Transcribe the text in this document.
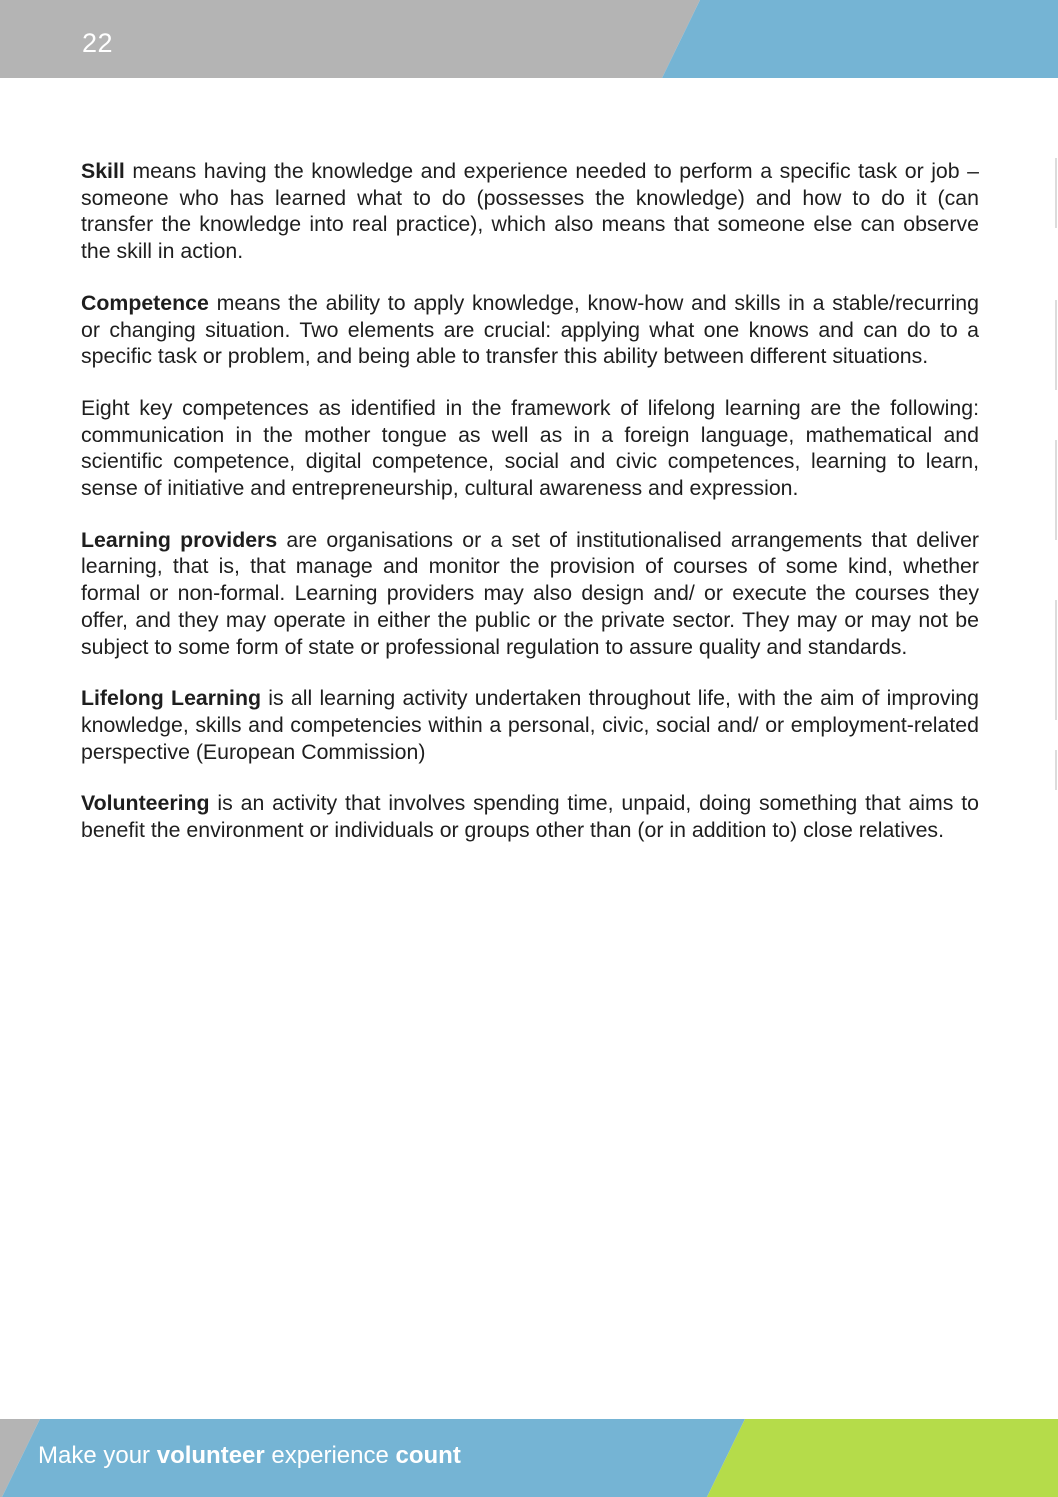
22

Skill means having the knowledge and experience needed to perform a specific task or job – someone who has learned what to do (possesses the knowledge) and how to do it (can transfer the knowledge into real practice), which also means that someone else can observe the skill in action.

Competence means the ability to apply knowledge, know-how and skills in a stable/recurring or changing situation. Two elements are crucial: applying what one knows and can do to a specific task or problem, and being able to transfer this ability between different situations.

Eight key competences as identified in the framework of lifelong learning are the following: communication in the mother tongue as well as in a foreign language, mathematical and scientific competence, digital competence, social and civic competences, learning to learn, sense of initiative and entrepreneurship, cultural awareness and expression.

Learning providers are organisations or a set of institutionalised arrangements that deliver learning, that is, that manage and monitor the provision of courses of some kind, whether formal or non-formal. Learning providers may also design and/ or execute the courses they offer, and they may operate in either the public or the private sector. They may or may not be subject to some form of state or professional regulation to assure quality and standards.

Lifelong Learning is all learning activity undertaken throughout life, with the aim of improving knowledge, skills and competencies within a personal, civic, social and/ or employment-related perspective (European Commission)

Volunteering is an activity that involves spending time, unpaid, doing something that aims to benefit the environment or individuals or groups other than (or in addition to) close relatives.

Make your volunteer experience count
